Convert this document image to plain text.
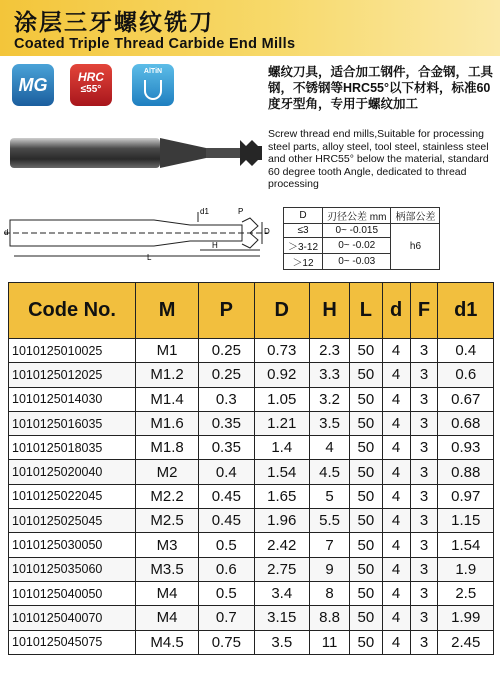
涂层三牙螺纹铣刀
Coated Triple Thread Carbide End Mills
MG	HRC
≤55°
AlTiN	螺纹刀具，适合加工钢件，合金钢，工具钢，不锈钢等HRC55°以下材料，标准60度牙型角，专用于螺纹加工
Screw thread end mills,Suitable for processing steel parts, alloy steel, tool steel, stainless steel and other HRC55° below the material, standard 60 degree tooth Angle, dedicated to thread processing
L
H
d
d1	P
D
D	刃径公差 mm	柄部公差
≤3	0~ -0.015	h6
＞3-12	0~ -0.02	
＞12	0~ -0.03	
Code No.	M	P	D	H	L	d	F	d1
1010125010025	M1	0.25	0.73	2.3	50	4	3	0.4
1010125012025	M1.2	0.25	0.92	3.3	50	4	3	0.6
1010125014030	M1.4	0.3	1.05	3.2	50	4	3	0.67
1010125016035	M1.6	0.35	1.21	3.5	50	4	3	0.68
1010125018035	M1.8	0.35	1.4	4	50	4	3	0.93
1010125020040	M2	0.4	1.54	4.5	50	4	3	0.88
1010125022045	M2.2	0.45	1.65	5	50	4	3	0.97
1010125025045	M2.5	0.45	1.96	5.5	50	4	3	1.15
1010125030050	M3	0.5	2.42	7	50	4	3	1.54
1010125035060	M3.5	0.6	2.75	9	50	4	3	1.9
1010125040050	M4	0.5	3.4	8	50	4	3	2.5
1010125040070	M4	0.7	3.15	8.8	50	4	3	1.99
1010125045075	M4.5	0.75	3.5	11	50	4	3	2.45
